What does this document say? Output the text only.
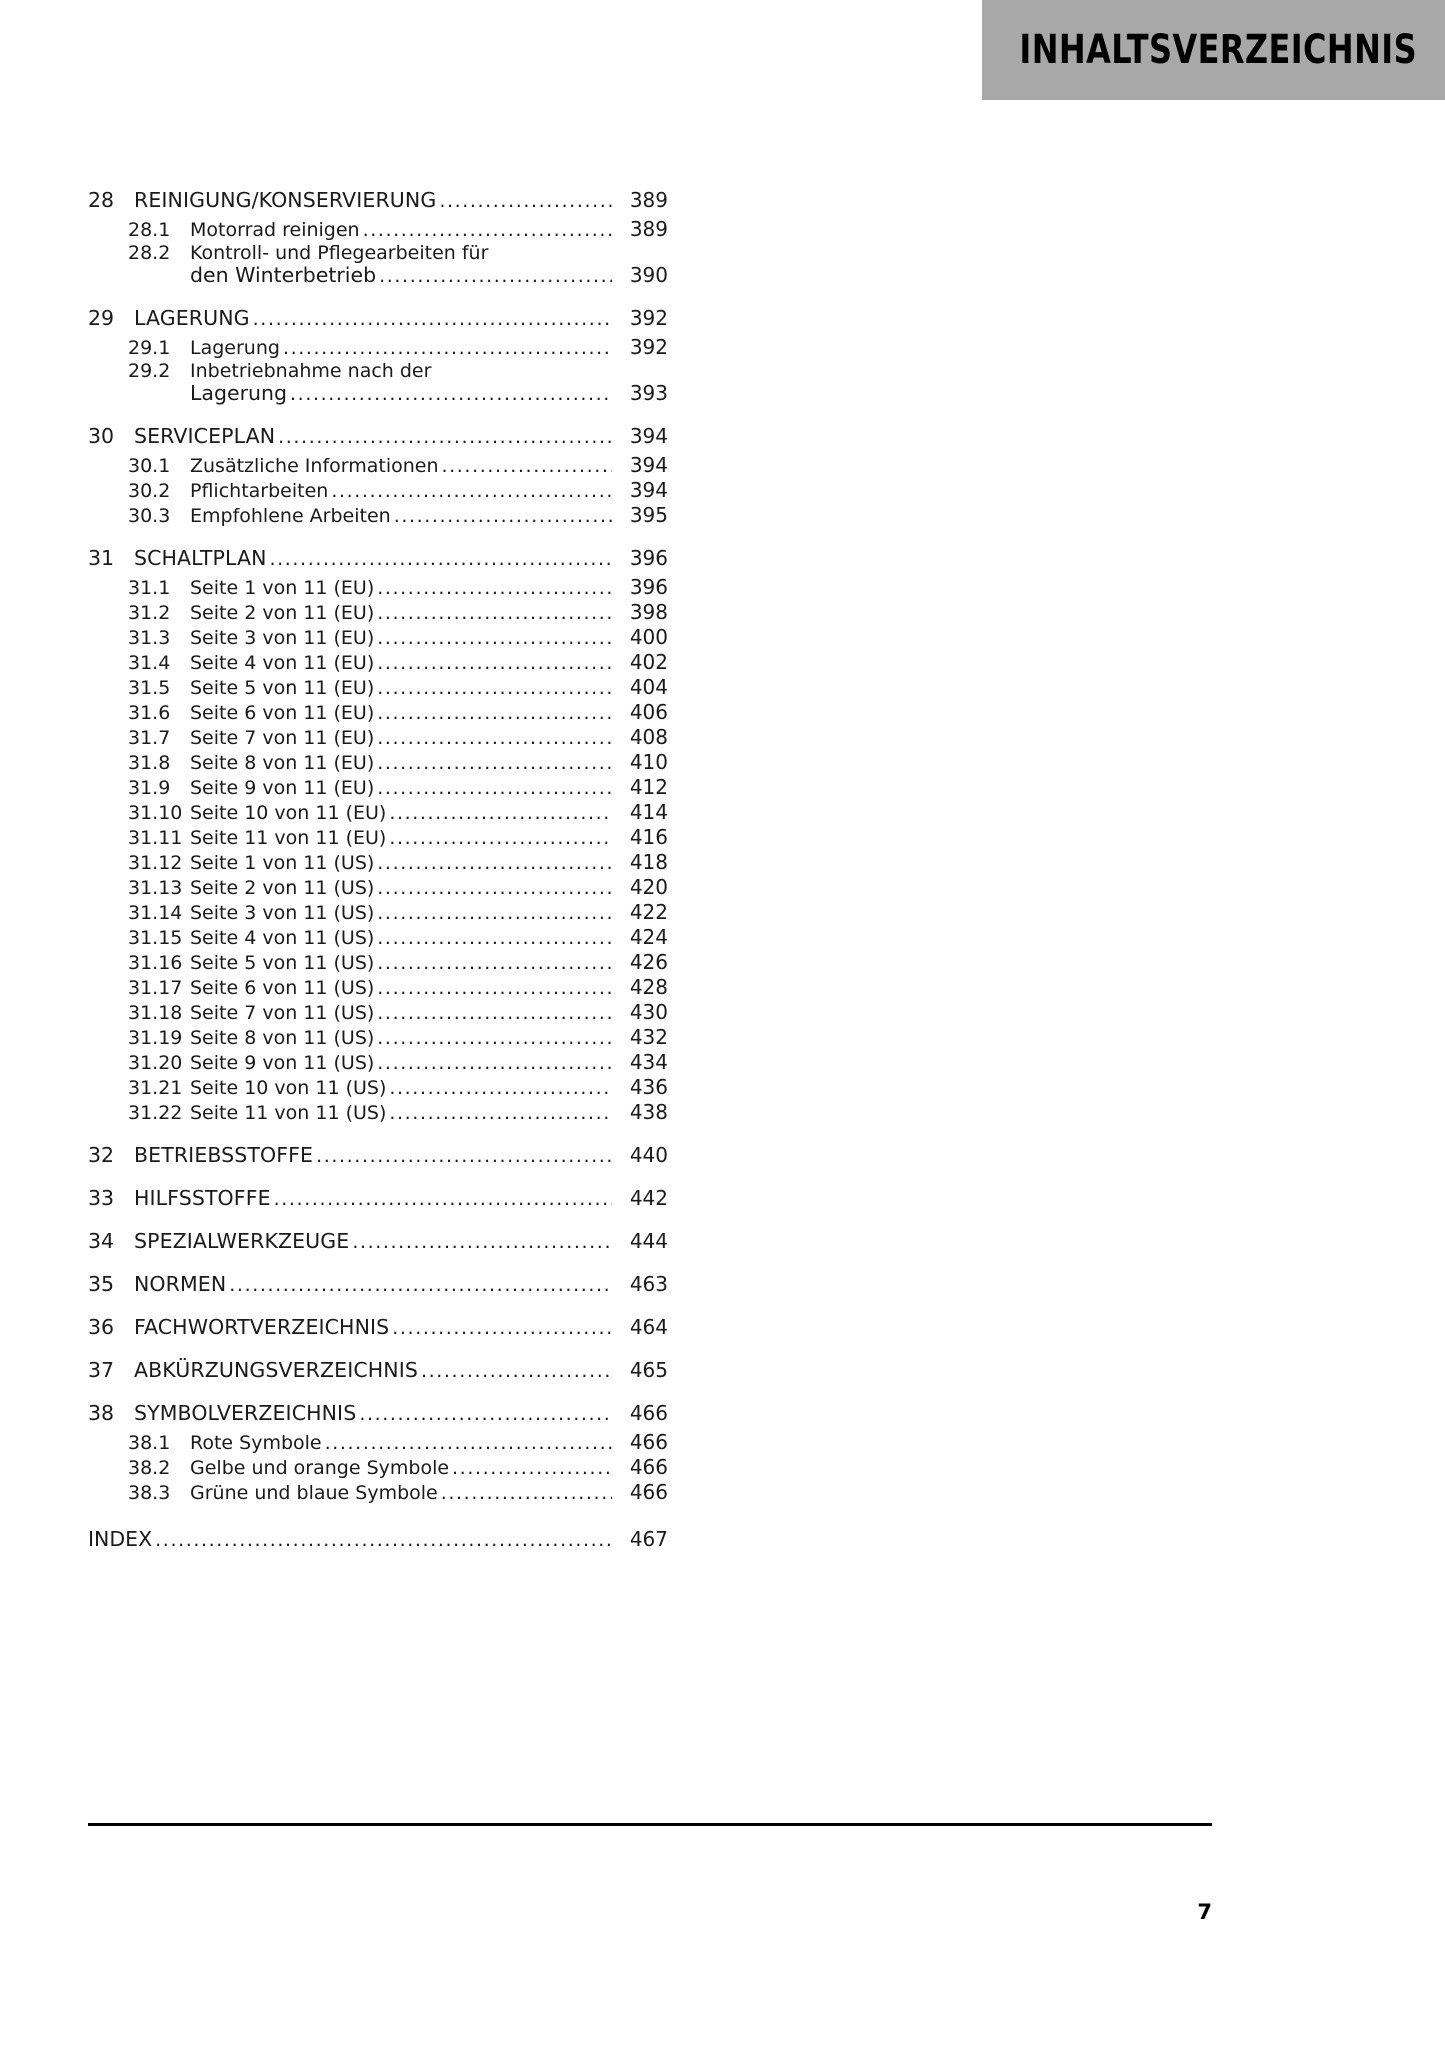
INHALTSVERZEICHNIS
28 REINIGUNG/KONSERVIERUNG .....	389
28.1	Motorrad reinigen .....	389
28.2	Kontroll- und Pflegearbeiten für
den Winterbetrieb .....	390
29 LAGERUNG .....	392
29.1	Lagerung .....	392
29.2	Inbetriebnahme nach der
Lagerung .....	393
30 SERVICEPLAN .....	394
30.1	Zusätzliche Informationen .....	394
30.2	Pflichtarbeiten .....	394
30.3	Empfohlene Arbeiten .....	395
31 SCHALTPLAN .....	396
31.1	Seite 1 von 11 (EU) .....	396
31.2	Seite 2 von 11 (EU) .....	398
31.3	Seite 3 von 11 (EU) .....	400
31.4	Seite 4 von 11 (EU) .....	402
31.5	Seite 5 von 11 (EU) .....	404
31.6	Seite 6 von 11 (EU) .....	406
31.7	Seite 7 von 11 (EU) .....	408
31.8	Seite 8 von 11 (EU) .....	410
31.9	Seite 9 von 11 (EU) .....	412
31.10 Seite 10 von 11 (EU) .....	414
31.11 Seite 11 von 11 (EU) .....	416
31.12 Seite 1 von 11 (US) .....	418
31.13 Seite 2 von 11 (US) .....	420
31.14 Seite 3 von 11 (US) .....	422
31.15 Seite 4 von 11 (US) .....	424
31.16 Seite 5 von 11 (US) .....	426
31.17 Seite 6 von 11 (US) .....	428
31.18 Seite 7 von 11 (US) .....	430
31.19 Seite 8 von 11 (US) .....	432
31.20 Seite 9 von 11 (US) .....	434
31.21 Seite 10 von 11 (US) .....	436
31.22 Seite 11 von 11 (US) .....	438
32 BETRIEBSSTOFFE .....	440
33 HILFSSTOFFE .....	442
34 SPEZIALWERKZEUGE .....	444
35 NORMEN .....	463
36 FACHWORTVERZEICHNIS .....	464
37 ABKÜRZUNGSVERZEICHNIS .....	465
38 SYMBOLVERZEICHNIS .....	466
38.1	Rote Symbole .....	466
38.2	Gelbe und orange Symbole .....	466
38.3	Grüne und blaue Symbole .....	466
INDEX .....	467
7
